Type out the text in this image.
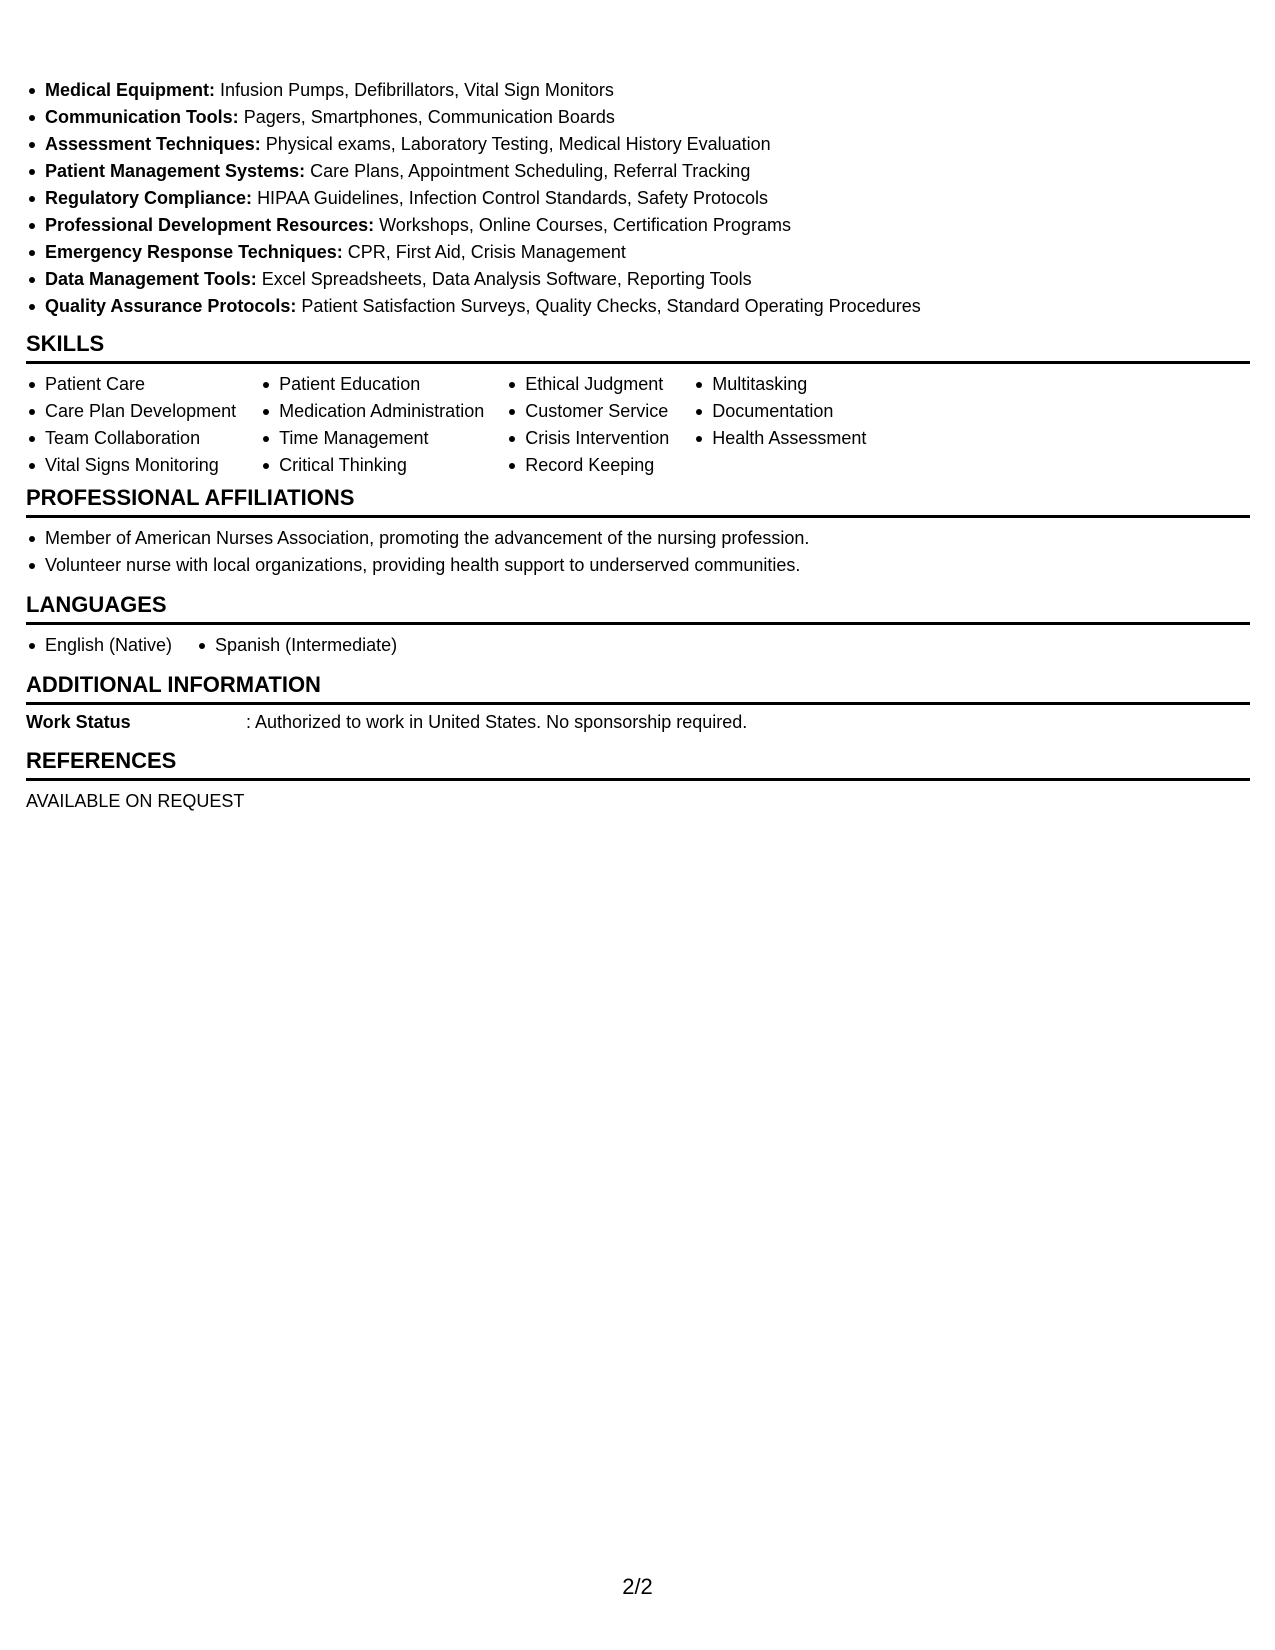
Medical Equipment: Infusion Pumps, Defibrillators, Vital Sign Monitors
Communication Tools: Pagers, Smartphones, Communication Boards
Assessment Techniques: Physical exams, Laboratory Testing, Medical History Evaluation
Patient Management Systems: Care Plans, Appointment Scheduling, Referral Tracking
Regulatory Compliance: HIPAA Guidelines, Infection Control Standards, Safety Protocols
Professional Development Resources: Workshops, Online Courses, Certification Programs
Emergency Response Techniques: CPR, First Aid, Crisis Management
Data Management Tools: Excel Spreadsheets, Data Analysis Software, Reporting Tools
Quality Assurance Protocols: Patient Satisfaction Surveys, Quality Checks, Standard Operating Procedures
SKILLS
Patient Care
Care Plan Development
Team Collaboration
Vital Signs Monitoring
Patient Education
Medication Administration
Time Management
Critical Thinking
Ethical Judgment
Customer Service
Crisis Intervention
Record Keeping
Multitasking
Documentation
Health Assessment
PROFESSIONAL AFFILIATIONS
Member of American Nurses Association, promoting the advancement of the nursing profession.
Volunteer nurse with local organizations, providing health support to underserved communities.
LANGUAGES
English (Native)	Spanish (Intermediate)
ADDITIONAL INFORMATION
Work Status	: Authorized to work in United States. No sponsorship required.
REFERENCES
AVAILABLE ON REQUEST
2/2
